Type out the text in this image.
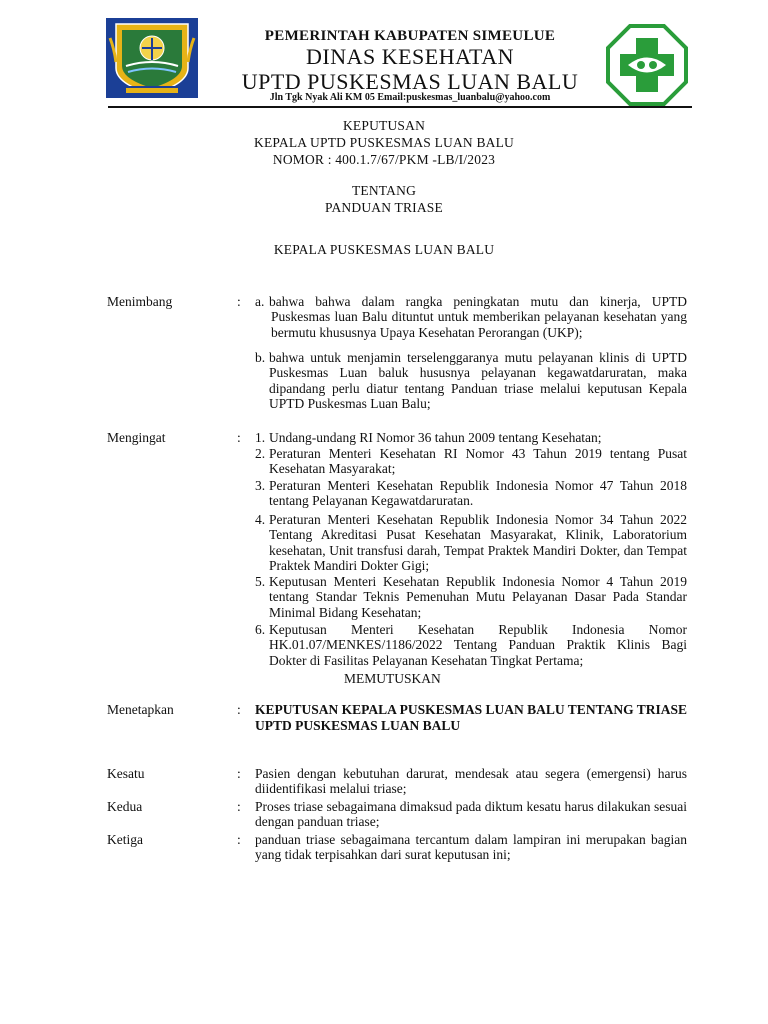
PEMERINTAH KABUPATEN SIMEULUE
DINAS KESEHATAN
UPTD PUSKESMAS LUAN BALU
Jln Tgk Nyak Ali KM 05 Email:puskesmas_luanbalu@yahoo.com
KEPUTUSAN
KEPALA UPTD PUSKESMAS LUAN BALU
NOMOR : 400.1.7/67/PKM -LB/I/2023
TENTANG
PANDUAN TRIASE
KEPALA PUSKESMAS LUAN BALU
Menimbang	: a. bahwa bahwa dalam rangka peningkatan mutu dan kinerja, UPTD Puskesmas luan Balu dituntut untuk memberikan pelayanan kesehatan yang bermutu khususnya Upaya Kesehatan Perorangan (UKP);
b. bahwa untuk menjamin terselenggaranya mutu pelayanan klinis di UPTD Puskesmas Luan baluk hususnya pelayanan kegawatdaruratan, maka dipandang perlu diatur tentang Panduan triase melalui keputusan Kepala UPTD Puskesmas Luan Balu;
Mengingat	: 1. Undang-undang RI Nomor 36 tahun 2009 tentang Kesehatan;
2. Peraturan Menteri Kesehatan RI Nomor 43 Tahun 2019 tentang Pusat Kesehatan Masyarakat;
3. Peraturan Menteri Kesehatan Republik Indonesia Nomor 47 Tahun 2018 tentang Pelayanan Kegawatdaruratan.
4. Peraturan Menteri Kesehatan Republik Indonesia Nomor 34 Tahun 2022 Tentang Akreditasi Pusat Kesehatan Masyarakat, Klinik, Laboratorium kesehatan, Unit transfusi darah, Tempat Praktek Mandiri Dokter, dan Tempat Praktek Mandiri Dokter Gigi;
5. Keputusan Menteri Kesehatan Republik Indonesia Nomor 4 Tahun 2019 tentang Standar Teknis Pemenuhan Mutu Pelayanan Dasar Pada Standar Minimal Bidang Kesehatan;
6. Keputusan Menteri Kesehatan Republik Indonesia Nomor HK.01.07/MENKES/1186/2022 Tentang Panduan Praktik Klinis Bagi Dokter di Fasilitas Pelayanan Kesehatan Tingkat Pertama;
MEMUTUSKAN
Menetapkan	: KEPUTUSAN KEPALA PUSKESMAS LUAN BALU TENTANG TRIASE UPTD PUSKESMAS LUAN BALU
Kesatu	: Pasien dengan kebutuhan darurat, mendesak atau segera (emergensi) harus diidentifikasi melalui triase;
Kedua	: Proses triase sebagaimana dimaksud pada diktum kesatu harus dilakukan sesuai dengan panduan triase;
Ketiga	: panduan triase sebagaimana tercantum dalam lampiran ini merupakan bagian yang tidak terpisahkan dari surat keputusan ini;
